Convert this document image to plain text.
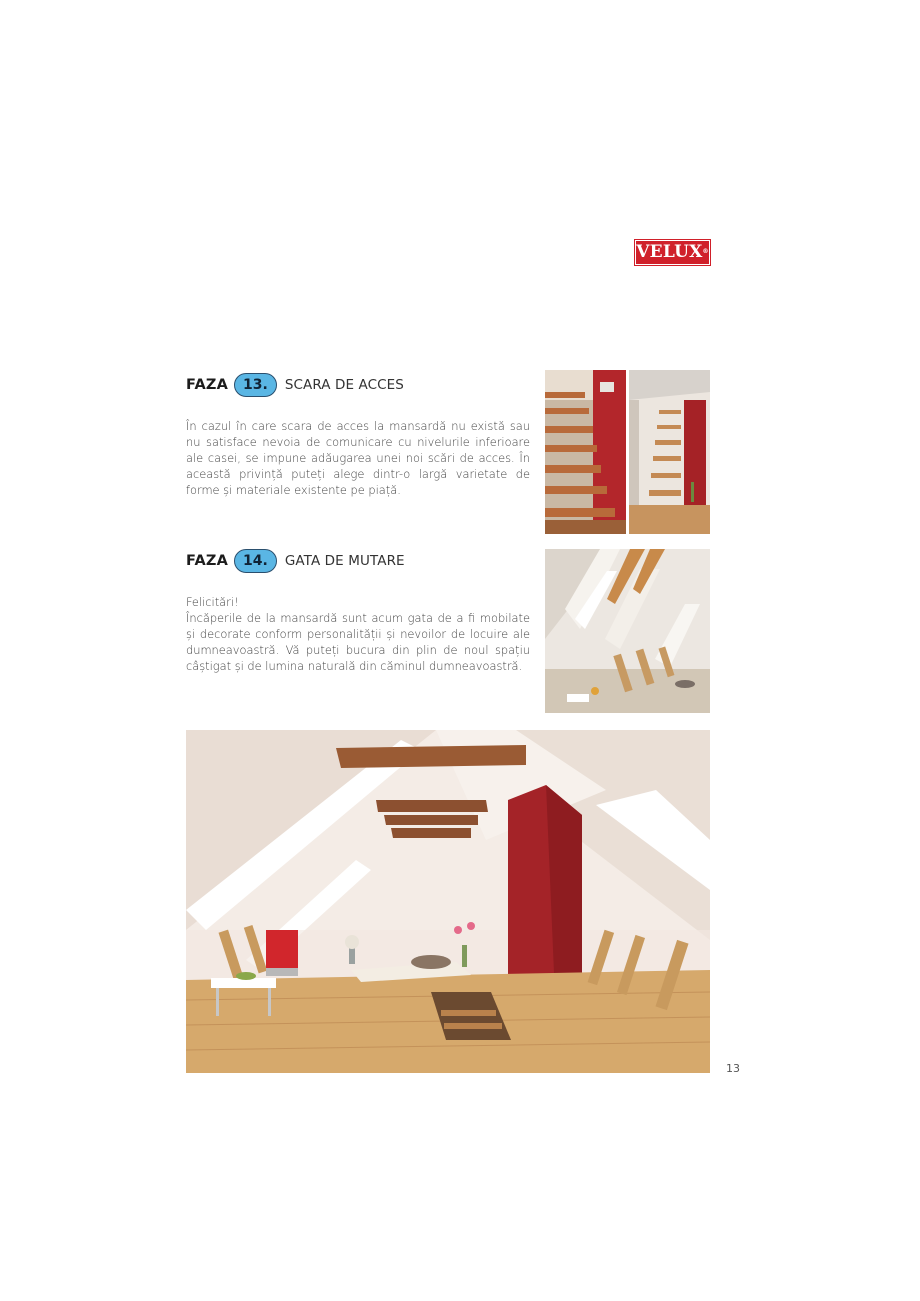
VELUX®
FAZA	13.	SCARA DE ACCES

În cazul în care scara de acces la mansardă nu există sau nu satisface nevoia de comunicare cu nivelurile inferioare ale casei, se impune adăugarea unei noi scări de acces. În această privință puteți alege dintr-o largă varietate de forme și materiale existente pe piață.

FAZA	14.	GATA DE MUTARE

Felicitări!

Încăperile de la mansardă sunt acum gata de a fi mobilate și decorate conform personalității și nevoilor de locuire ale dumneavoastră. Vă puteți bucura din plin de noul spațiu câștigat și de lumina naturală din căminul dumneavoastră.

13
